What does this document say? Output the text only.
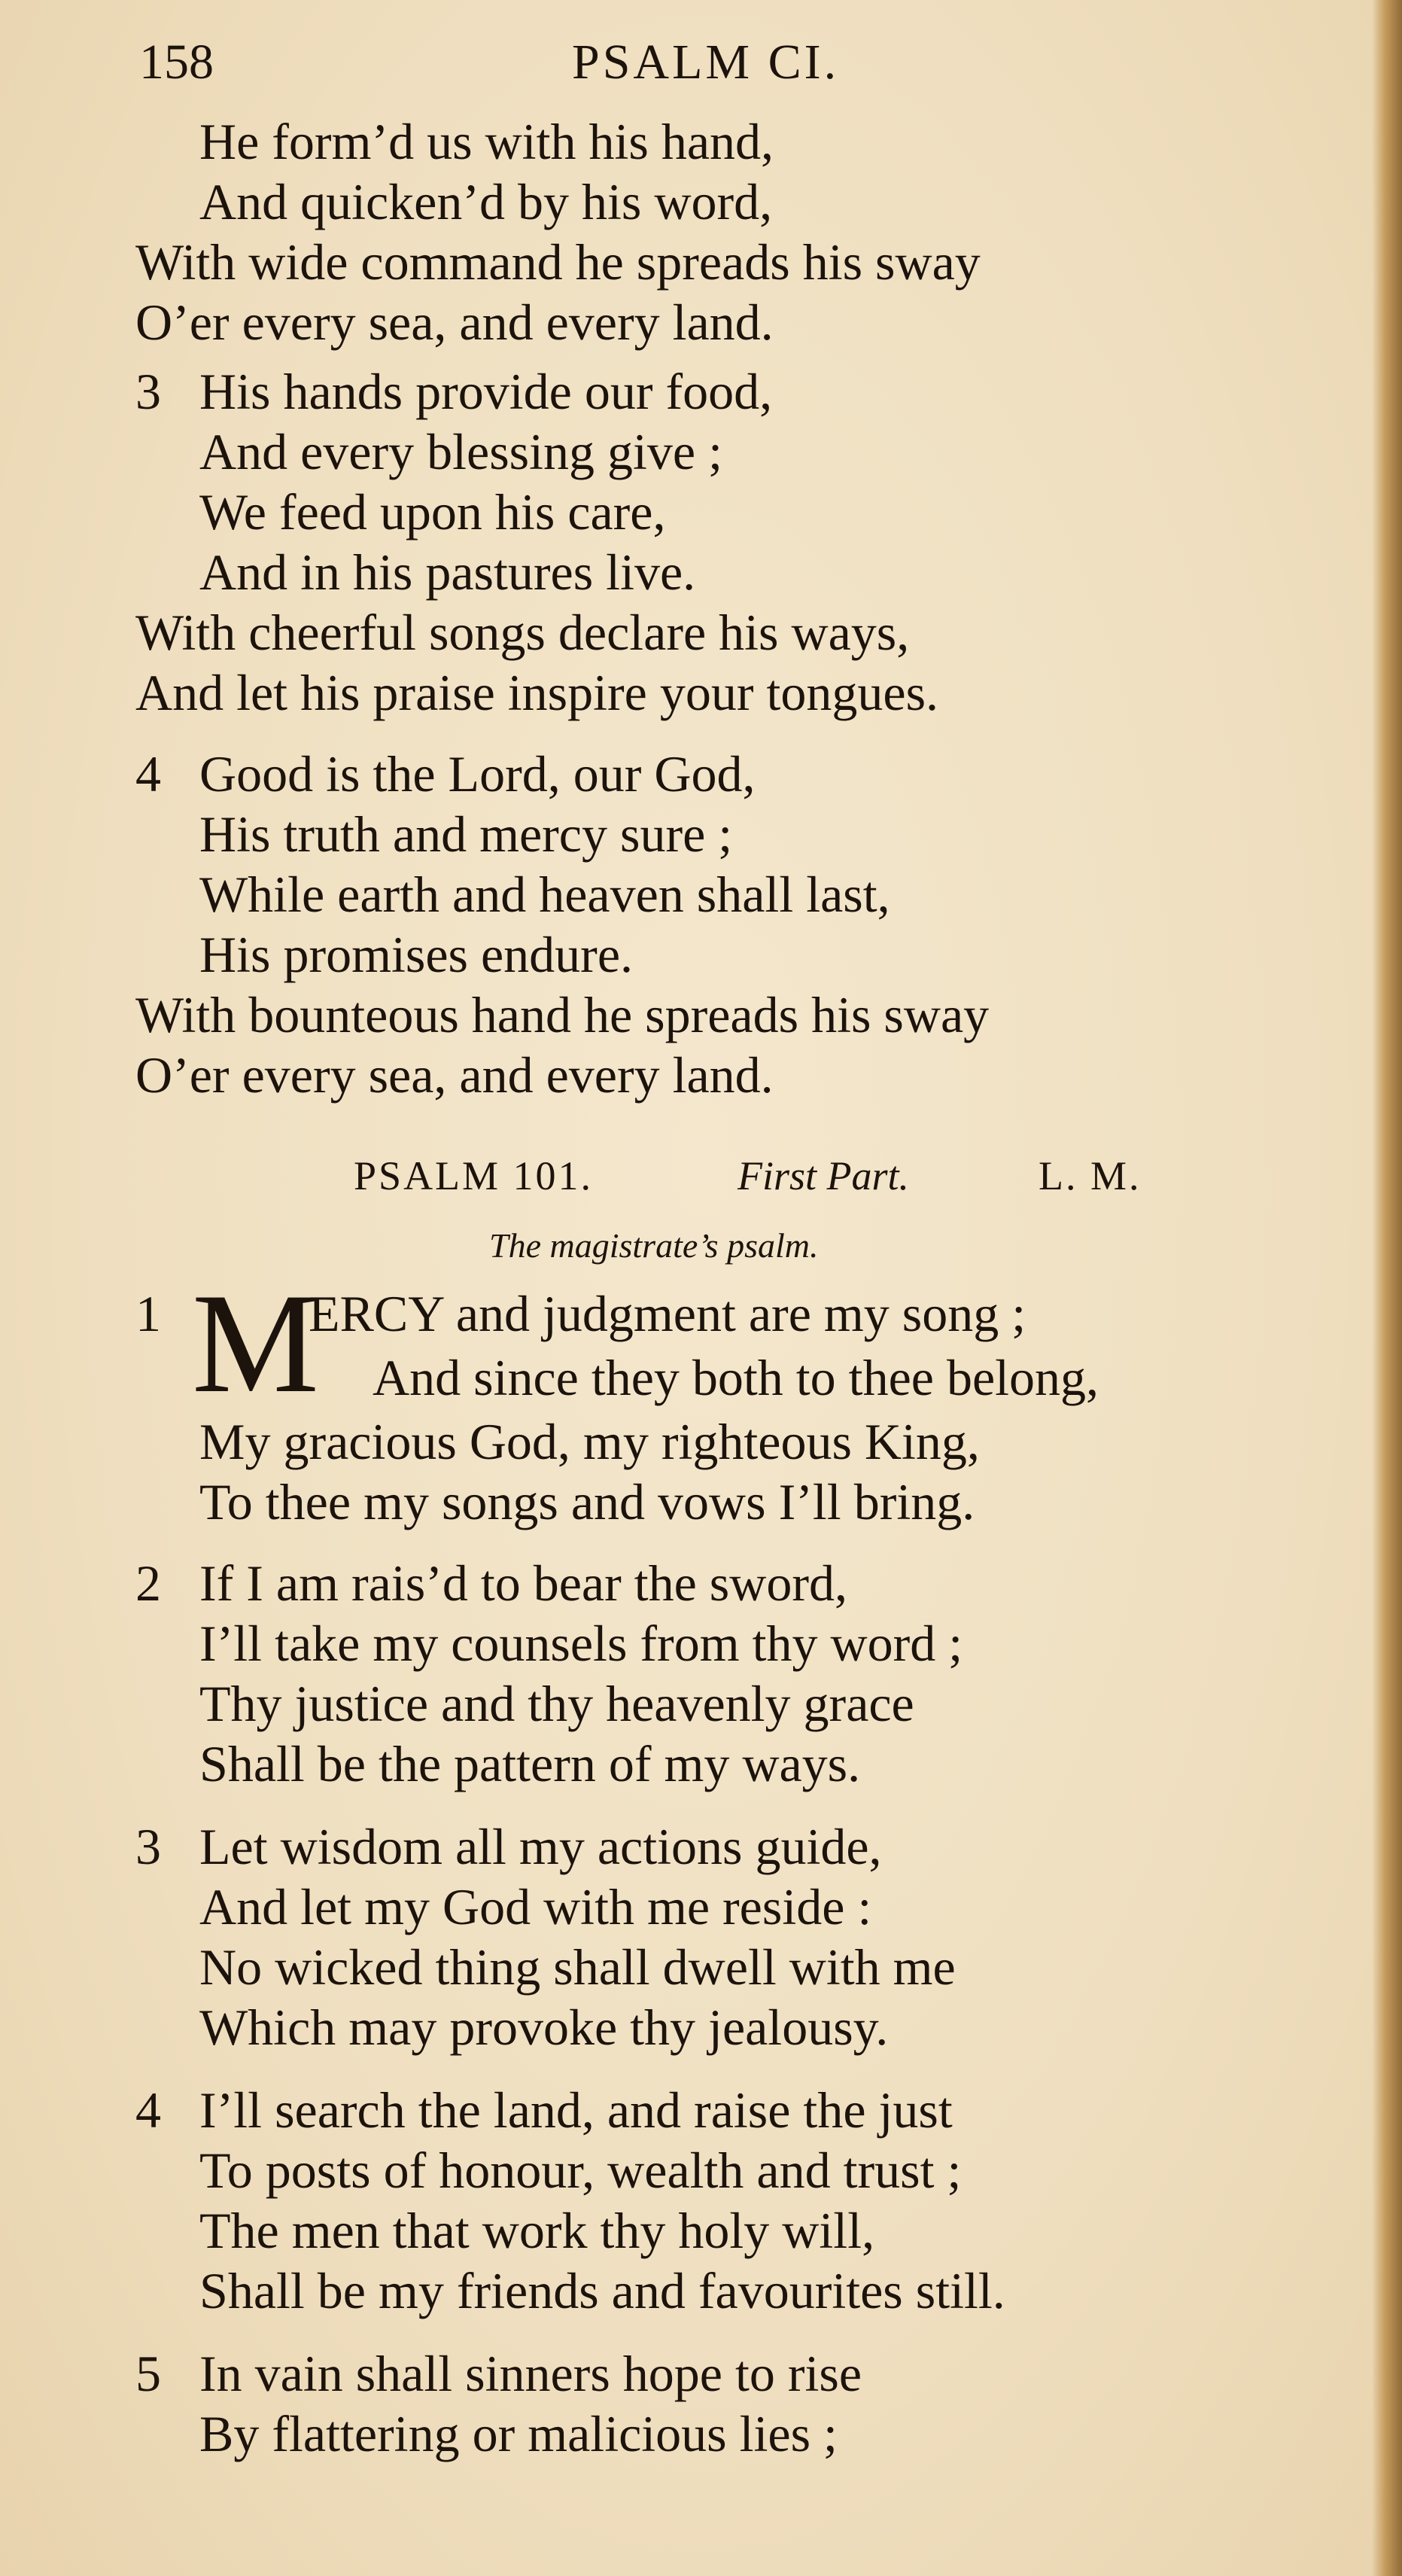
158	PSALM CI.
He form’d us with his hand,
And quicken’d by his word,
With wide command he spreads his sway
O’er every sea, and every land.
3 His hands provide our food,
And every blessing give ;
We feed upon his care,
And in his pastures live.
With cheerful songs declare his ways,
And let his praise inspire your tongues.
4 Good is the Lord, our God,
His truth and mercy sure ;
While earth and heaven shall last,
His promises endure.
With bounteous hand he spreads his sway
O’er every sea, and every land.
PSALM 101.	First Part.	L. M.
The magistrate’s psalm.
1 M
ERCY and judgment are my song ;
And since they both to thee belong,
My gracious God, my righteous King,
To thee my songs and vows I’ll bring.
2 If I am rais’d to bear the sword,
I’ll take my counsels from thy word ;
Thy justice and thy heavenly grace
Shall be the pattern of my ways.
3 Let wisdom all my actions guide,
And let my God with me reside :
No wicked thing shall dwell with me
Which may provoke thy jealousy.
4 I’ll search the land, and raise the just
To posts of honour, wealth and trust ;
The men that work thy holy will,
Shall be my friends and favourites still.
5 In vain shall sinners hope to rise
By flattering or malicious lies ;
